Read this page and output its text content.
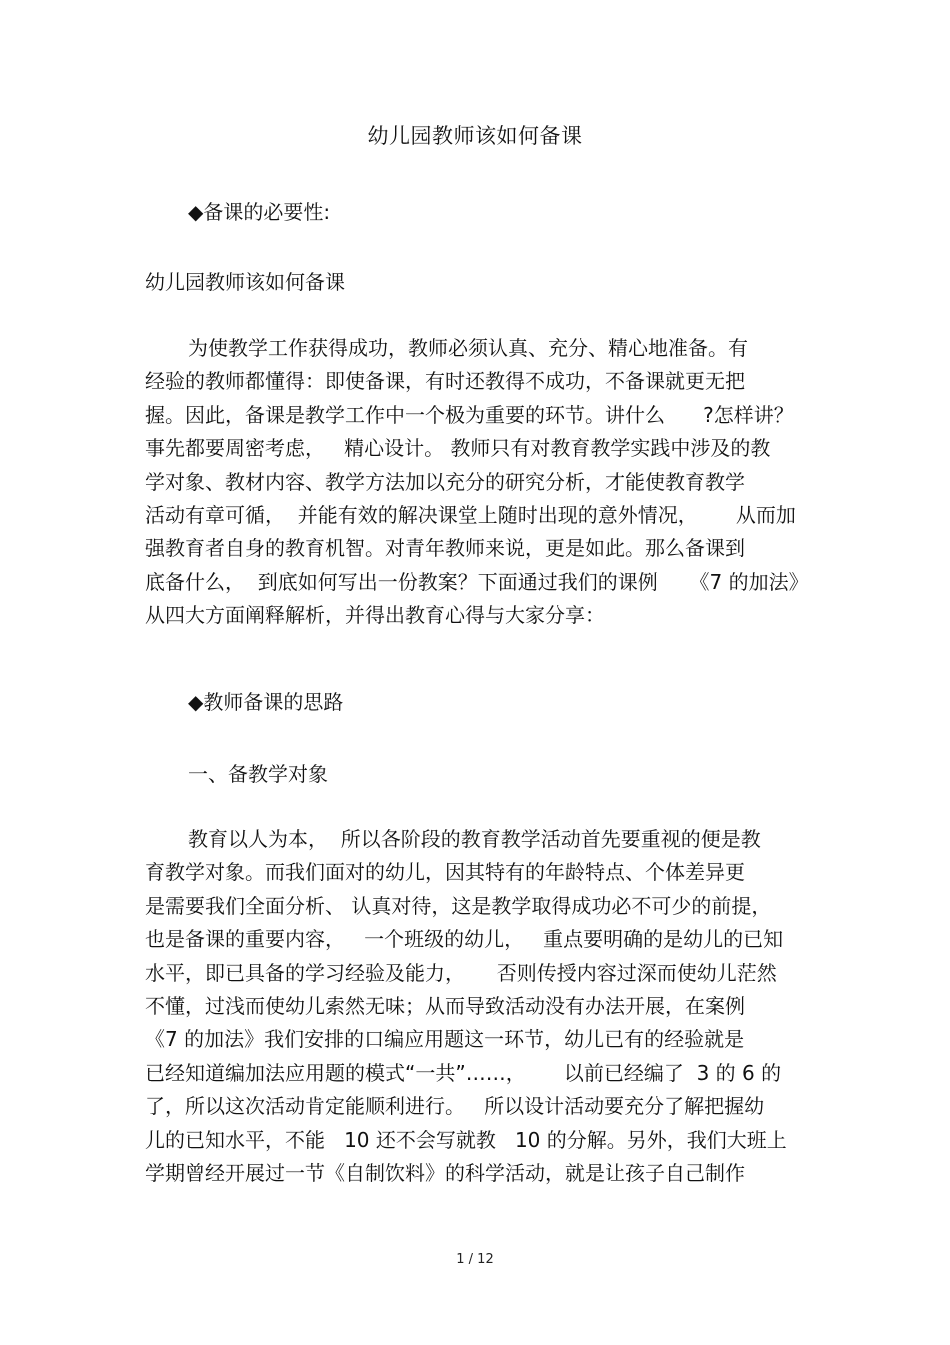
幼儿园教师该如何备课
◆备课的必要性:
幼儿园教师该如何备课
为使教学工作获得成功，教师必须认真、充分、精心地准备。有
经验的教师都懂得：即使备课，有时还教得不成功，不备课就更无把
握。因此，备课是教学工作中一个极为重要的环节。讲什么      ?怎样讲？
事先都要周密考虑，   精心设计。 教师只有对教育教学实践中涉及的教
学对象、教材内容、教学方法加以充分的研究分析，才能使教育教学
活动有章可循，  并能有效的解决课堂上随时出现的意外情况，      从而加
强教育者自身的教育机智。对青年教师来说，更是如此。那么备课到
底备什么，  到底如何写出一份教案？下面通过我们的课例     《7 的加法》
从四大方面阐释解析，并得出教育心得与大家分享：
◆教师备课的思路
一、备教学对象
教育以人为本，  所以各阶段的教育教学活动首先要重视的便是教
育教学对象。而我们面对的幼儿，因其特有的年龄特点、个体差异更
是需要我们全面分析、 认真对待，这是教学取得成功必不可少的前提，
也是备课的重要内容，   一个班级的幼儿，   重点要明确的是幼儿的已知
水平，即已具备的学习经验及能力，     否则传授内容过深而使幼儿茫然
不懂，过浅而使幼儿索然无味；从而导致活动没有办法开展，在案例
《7 的加法》我们安排的口编应用题这一环节，幼儿已有的经验就是
已经知道编加法应用题的模式“一共”……，      以前已经编了  3 的 6 的
了，所以这次活动肯定能顺利进行。   所以设计活动要充分了解把握幼
儿的已知水平，不能   10 还不会写就教   10 的分解。另外，我们大班上
学期曾经开展过一节《自制饮料》的科学活动，就是让孩子自己制作
1 / 12
